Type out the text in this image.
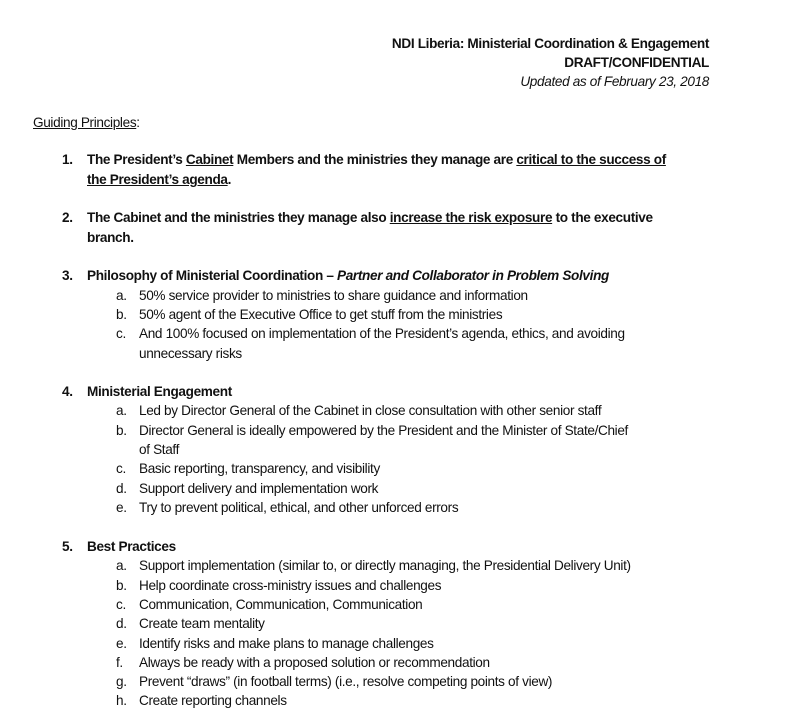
NDI Liberia: Ministerial Coordination & Engagement
DRAFT/CONFIDENTIAL
Updated as of February 23, 2018
Guiding Principles:
1. The President’s Cabinet Members and the ministries they manage are critical to the success of
the President’s agenda.
2. The Cabinet and the ministries they manage also increase the risk exposure to the executive
branch.
3. Philosophy of Ministerial Coordination – Partner and Collaborator in Problem Solving
a. 50% service provider to ministries to share guidance and information
b. 50% agent of the Executive Office to get stuff from the ministries
c. And 100% focused on implementation of the President’s agenda, ethics, and avoiding
unnecessary risks
4. Ministerial Engagement
a. Led by Director General of the Cabinet in close consultation with other senior staff
b. Director General is ideally empowered by the President and the Minister of State/Chief
of Staff
c. Basic reporting, transparency, and visibility
d. Support delivery and implementation work
e. Try to prevent political, ethical, and other unforced errors
5. Best Practices
a. Support implementation (similar to, or directly managing, the Presidential Delivery Unit)
b. Help coordinate cross-ministry issues and challenges
c. Communication, Communication, Communication
d. Create team mentality
e. Identify risks and make plans to manage challenges
f. Always be ready with a proposed solution or recommendation
g. Prevent “draws” (in football terms) (i.e., resolve competing points of view)
h. Create reporting channels
